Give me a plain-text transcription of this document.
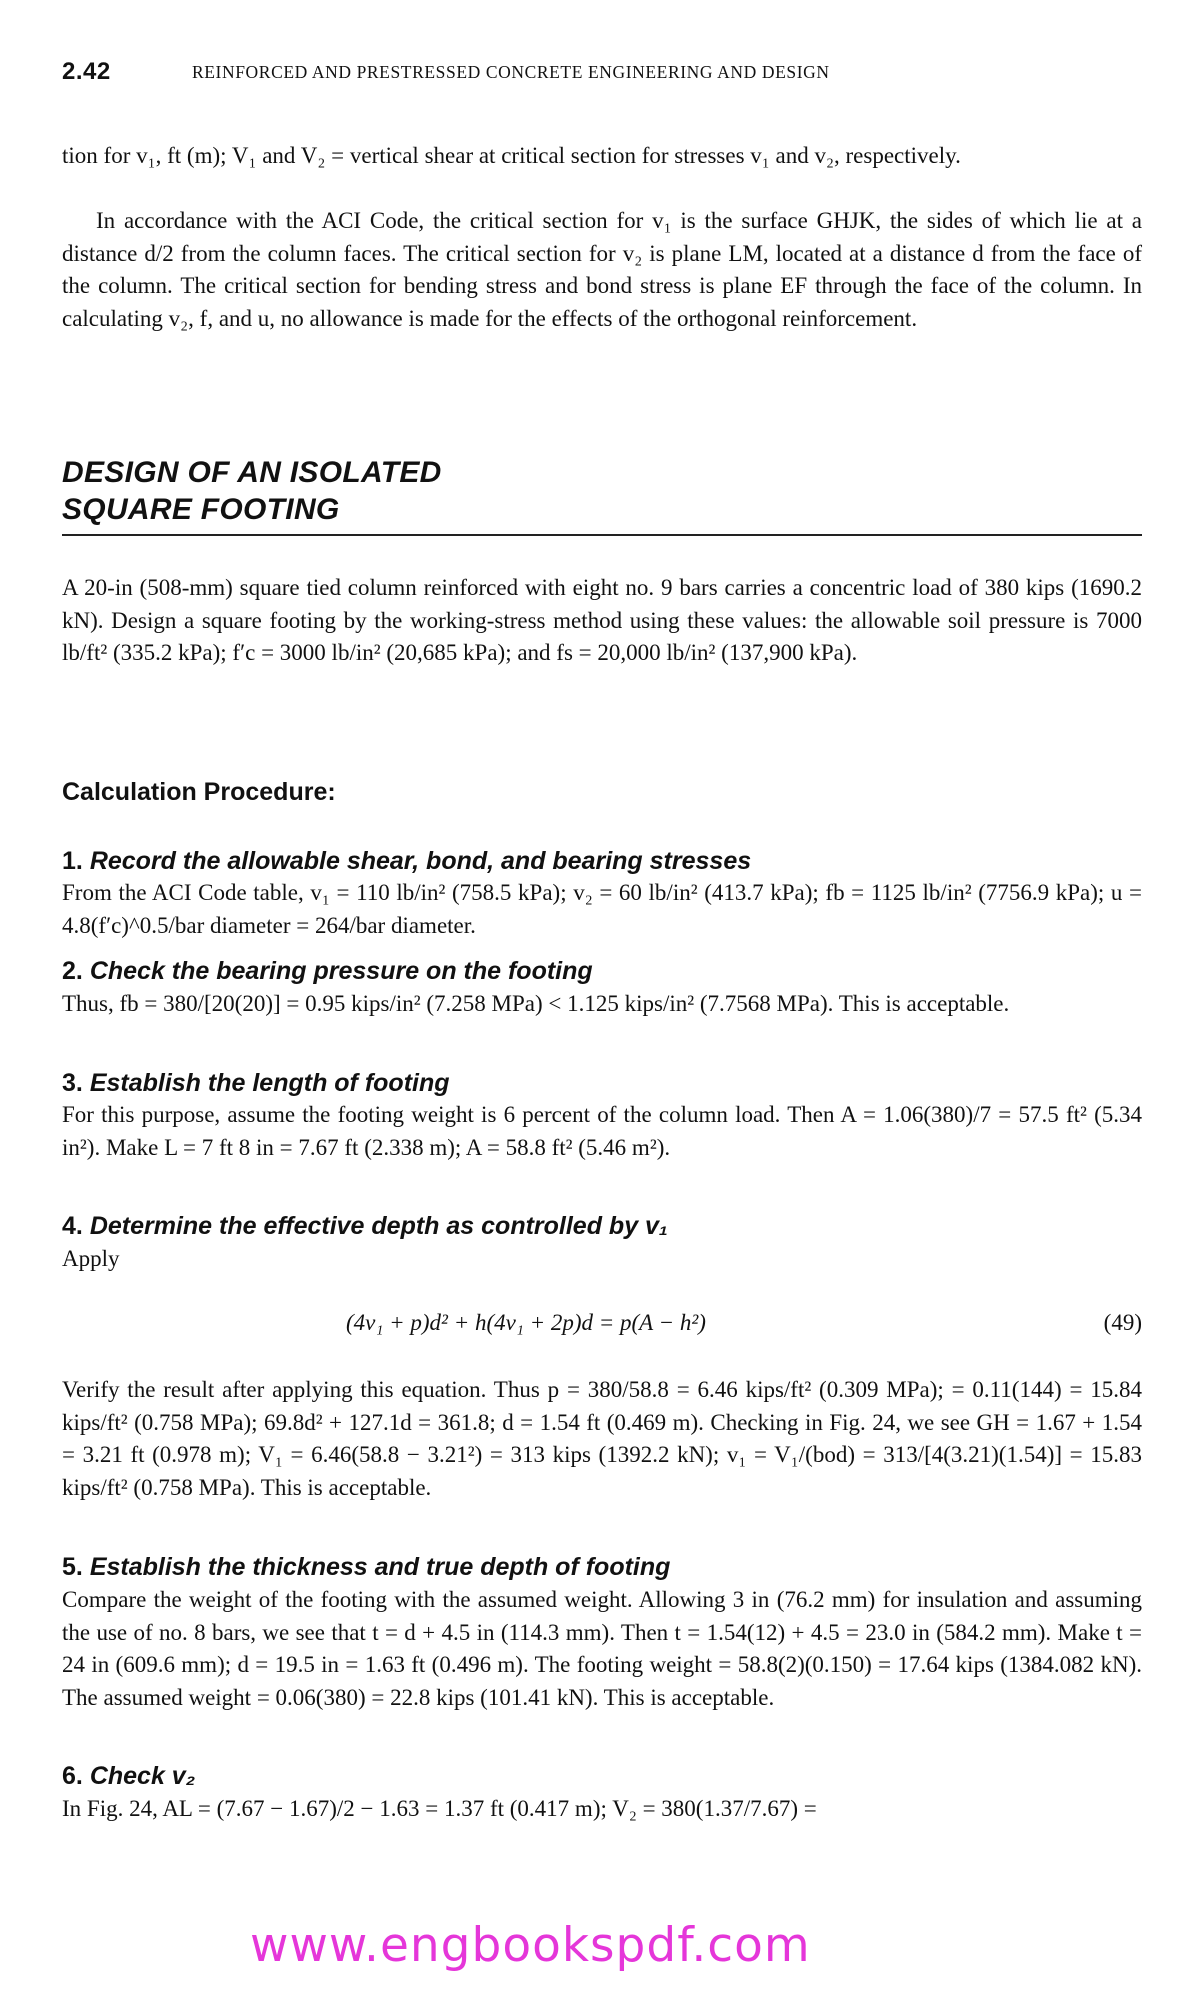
2.42	REINFORCED AND PRESTRESSED CONCRETE ENGINEERING AND DESIGN

tion for v₁, ft (m); V₁ and V₂ = vertical shear at critical section for stresses v₁ and v₂, respectively.

In accordance with the ACI Code, the critical section for v₁ is the surface GHJK, the sides of which lie at a distance d/2 from the column faces. The critical section for v₂ is plane LM, located at a distance d from the face of the column. The critical section for bending stress and bond stress is plane EF through the face of the column. In calculating v₂, f, and u, no allowance is made for the effects of the orthogonal reinforcement.

DESIGN OF AN ISOLATED
SQUARE FOOTING

A 20-in (508-mm) square tied column reinforced with eight no. 9 bars carries a concentric load of 380 kips (1690.2 kN). Design a square footing by the working-stress method using these values: the allowable soil pressure is 7000 lb/ft² (335.2 kPa); f′c = 3000 lb/in² (20,685 kPa); and fs = 20,000 lb/in² (137,900 kPa).

Calculation Procedure:
1. Record the allowable shear, bond, and bearing stresses

From the ACI Code table, v₁ = 110 lb/in² (758.5 kPa); v₂ = 60 lb/in² (413.7 kPa); fb = 1125 lb/in² (7756.9 kPa); u = 4.8(f′c)^0.5/bar diameter = 264/bar diameter.

2. Check the bearing pressure on the footing

Thus, fb = 380/[20(20)] = 0.95 kips/in² (7.258 MPa) < 1.125 kips/in² (7.7568 MPa). This is acceptable.

3. Establish the length of footing

For this purpose, assume the footing weight is 6 percent of the column load. Then A = 1.06(380)/7 = 57.5 ft² (5.34 in²). Make L = 7 ft 8 in = 7.67 ft (2.338 m); A = 58.8 ft² (5.46 m²).

4. Determine the effective depth as controlled by v₁

Apply

(4v₁ + p)d² + h(4v₁ + 2p)d = p(A − h²)	(49)

Verify the result after applying this equation. Thus p = 380/58.8 = 6.46 kips/ft² (0.309 MPa); = 0.11(144) = 15.84 kips/ft² (0.758 MPa); 69.8d² + 127.1d = 361.8; d = 1.54 ft (0.469 m). Checking in Fig. 24, we see GH = 1.67 + 1.54 = 3.21 ft (0.978 m); V₁ = 6.46(58.8 − 3.21²) = 313 kips (1392.2 kN); v₁ = V₁/(bod) = 313/[4(3.21)(1.54)] = 15.83 kips/ft² (0.758 MPa). This is acceptable.

5. Establish the thickness and true depth of footing

Compare the weight of the footing with the assumed weight. Allowing 3 in (76.2 mm) for insulation and assuming the use of no. 8 bars, we see that t = d + 4.5 in (114.3 mm). Then t = 1.54(12) + 4.5 = 23.0 in (584.2 mm). Make t = 24 in (609.6 mm); d = 19.5 in = 1.63 ft (0.496 m). The footing weight = 58.8(2)(0.150) = 17.64 kips (1384.082 kN). The assumed weight = 0.06(380) = 22.8 kips (101.41 kN). This is acceptable.

6. Check v₂

In Fig. 24, AL = (7.67 − 1.67)/2 − 1.63 = 1.37 ft (0.417 m); V₂ = 380(1.37/7.67) =

www.engbookspdf.com
